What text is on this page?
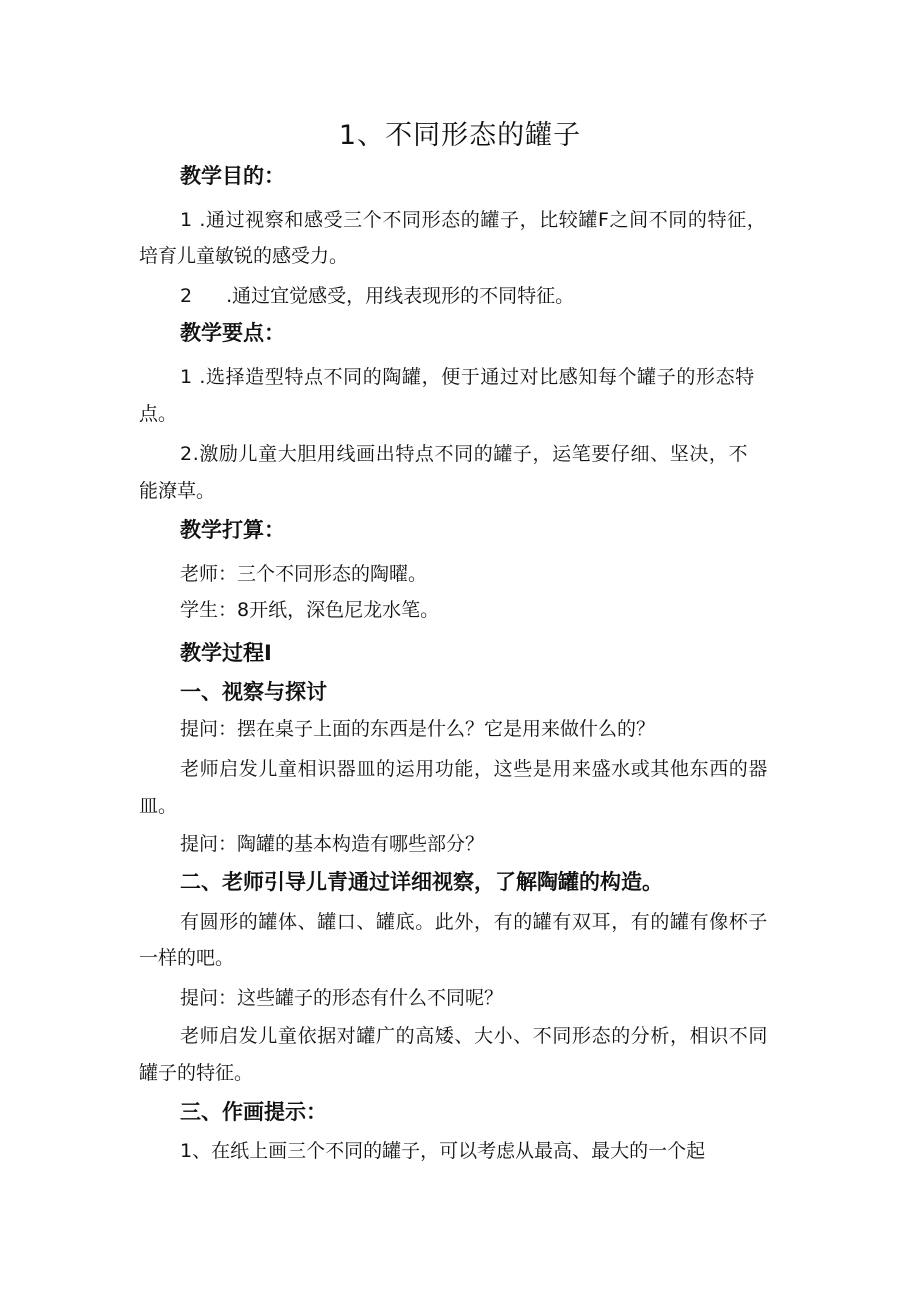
1、不同形态的罐子
教学目的：
1 .通过视察和感受三个不同形态的罐子，比较罐F之间不同的特征，
培育儿童敏锐的感受力。
2 .通过宜觉感受，用线表现形的不同特征。
教学要点：
1 .选择造型特点不同的陶罐，便于通过对比感知每个罐子的形态特
点。
2.激励儿童大胆用线画出特点不同的罐子，运笔要仔细、坚决，不
能潦草。
教学打算：
老师：三个不同形态的陶曜。
学生：8开纸，深色尼龙水笔。
教学过程I
一、视察与探讨
提问：摆在桌子上面的东西是什么？它是用来做什么的？
老师启发儿童相识器皿的运用功能，这些是用来盛水或其他东西的器
皿。
提问：陶罐的基本构造有哪些部分？
二、老师引导儿青通过详细视察，了解陶罐的构造。
有圆形的罐体、罐口、罐底。此外，有的罐有双耳，有的罐有像杯子
一样的吧。
提问：这些罐子的形态有什么不同呢？
老师启发儿童依据对罐广的高矮、大小、不同形态的分析，相识不同
罐子的特征。
三、作画提示：
1、在纸上画三个不同的罐子，可以考虑从最高、最大的一个起
